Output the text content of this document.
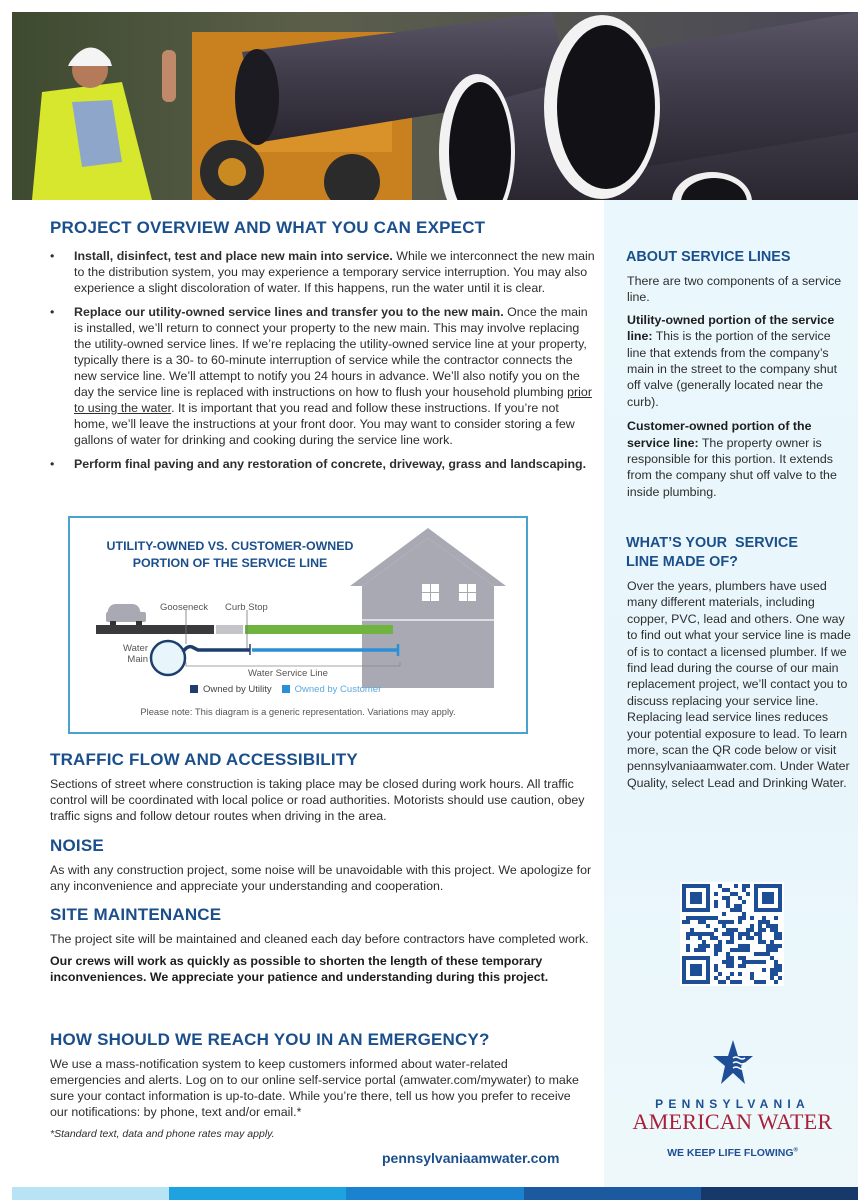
PROJECT OVERVIEW AND WHAT YOU CAN EXPECT
• Install, disinfect, test and place new main into service. While we interconnect the new main to the distribution system, you may experience a temporary service interruption. You may also experience a slight discoloration of water. If this happens, run the water until it is clear.
• Replace our utility-owned service lines and transfer you to the new main. Once the main is installed, we’ll return to connect your property to the new main. This may involve replacing the utility-owned service lines. If we’re replacing the utility-owned service line at your property, typically there is a 30- to 60-minute interruption of service while the contractor connects the new service line. We’ll attempt to notify you 24 hours in advance. We’ll also notify you on the day the service line is replaced with instructions on how to flush your household plumbing prior to using the water. It is important that you read and follow these instructions. If you’re not home, we’ll leave the instructions at your front door. You may want to consider storing a few gallons of water for drinking and cooking during the service line work.
• Perform final paving and any restoration of concrete, driveway, grass and landscaping.
UTILITY-OWNED VS. CUSTOMER-OWNED
PORTION OF THE SERVICE LINE
Gooseneck Curb Stop
Water
Main
Water Service Line
Owned by Utility	Owned by Customer
Please note: This diagram is a generic representation. Variations may apply.
TRAFFIC FLOW AND ACCESSIBILITY

Sections of street where construction is taking place may be closed during work hours. All traffic control will be coordinated with local police or road authorities. Motorists should use caution, obey traffic signs and follow detour routes when driving in the area.

NOISE

As with any construction project, some noise will be unavoidable with this project. We apologize for any inconvenience and appreciate your understanding and cooperation.

SITE MAINTENANCE

The project site will be maintained and cleaned each day before contractors have completed work.

Our crews will work as quickly as possible to shorten the length of these temporary inconveniences. We appreciate your patience and understanding during this project.

HOW SHOULD WE REACH YOU IN AN EMERGENCY?

We use a mass-notification system to keep customers informed about water-related emergencies and alerts. Log on to our online self-service portal (amwater.com/mywater) to make sure your contact information is up-to-date. While you’re there, tell us how you prefer to receive our notifications: by phone, text and/or email.*

*Standard text, data and phone rates may apply.

pennsylvaniaamwater.com
ABOUT SERVICE LINES

There are two components of a service line.

Utility-owned portion of the service line: This is the portion of the service line that extends from the company’s main in the street to the company shut off valve (generally located near the curb).

Customer-owned portion of the service line: The property owner is responsible for this portion. It extends from the company shut off valve to the inside plumbing.

WHAT’S YOUR  SERVICE
LINE MADE OF?
Over the years, plumbers have used many different materials, including copper, PVC, lead and others. One way to find out what your service line is made of is to contact a licensed plumber. If we find lead during the course of our main replacement project, we’ll contact you to discuss replacing your service line. Replacing lead service lines reduces your potential exposure to lead. To learn more, scan the QR code below or visit pennsylvaniaamwater.com. Under Water Quality, select Lead and Drinking Water.
PENNSYLVANIA
AMERICAN WATER
WE KEEP LIFE FLOWING®
